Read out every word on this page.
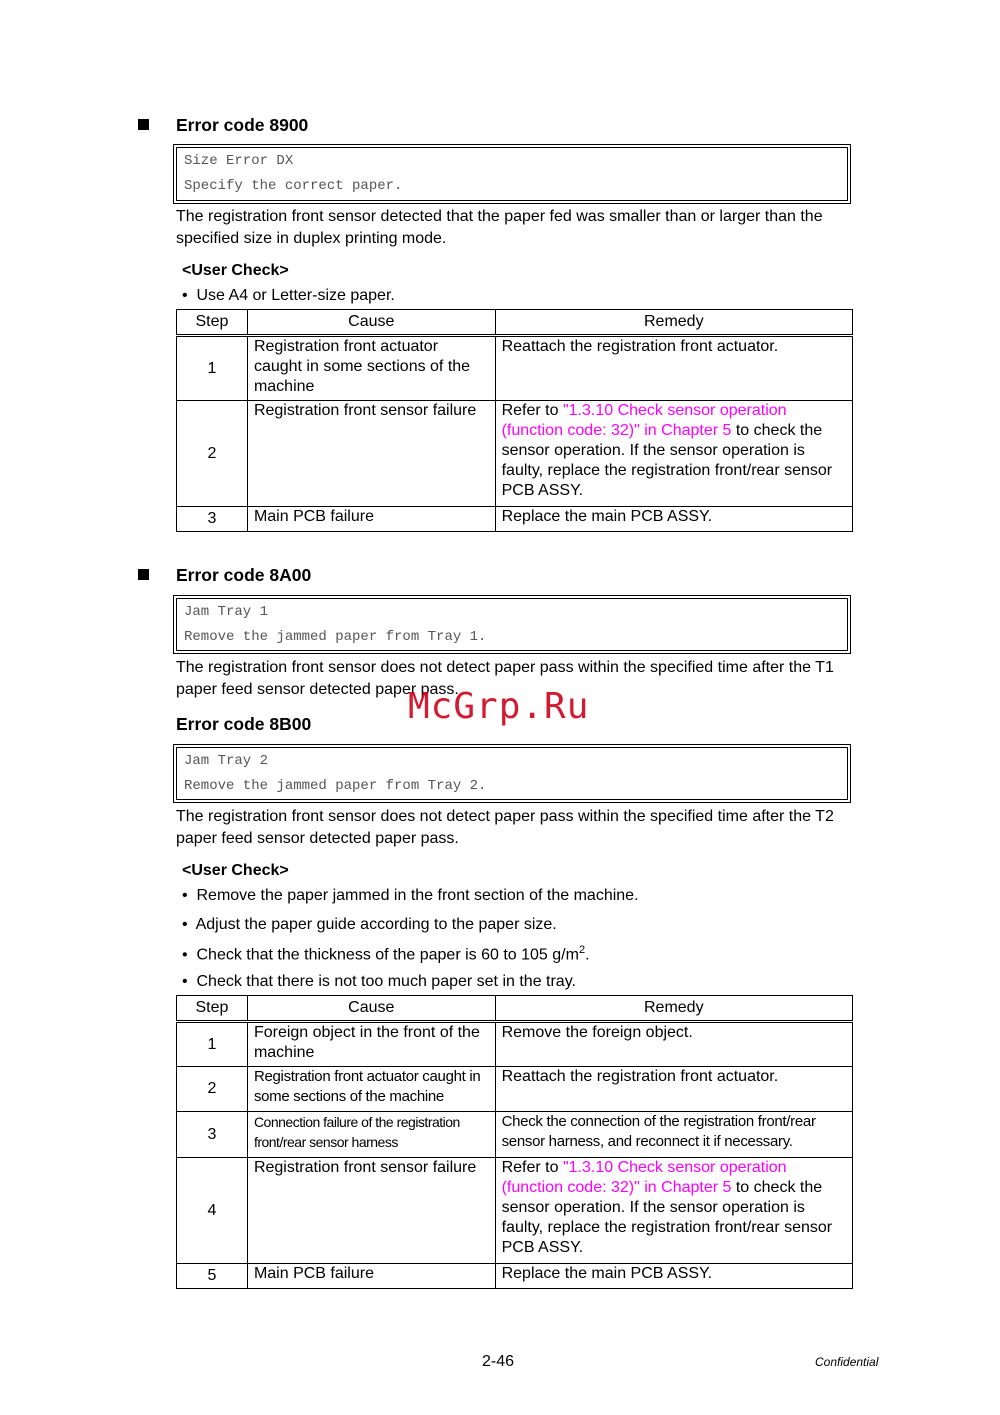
Error code 8900
Size Error DX
Specify the correct paper.
The registration front sensor detected that the paper fed was smaller than or larger than the specified size in duplex printing mode.
<User Check>
•  Use A4 or Letter-size paper.
Step	Cause	Remedy
1	Registration front actuator caught in some sections of the machine	Reattach the registration front actuator.
2	Registration front sensor failure	Refer to "1.3.10 Check sensor operation (function code: 32)" in Chapter 5 to check the sensor operation. If the sensor operation is faulty, replace the registration front/rear sensor PCB ASSY.
3	Main PCB failure	Replace the main PCB ASSY.
Error code 8A00
Jam Tray 1
Remove the jammed paper from Tray 1.
The registration front sensor does not detect paper pass within the specified time after the T1 paper feed sensor detected paper pass.
Error code 8B00
Jam Tray 2
Remove the jammed paper from Tray 2.
The registration front sensor does not detect paper pass within the specified time after the T2 paper feed sensor detected paper pass.
<User Check>
•  Remove the paper jammed in the front section of the machine.
•  Adjust the paper guide according to the paper size.
•  Check that the thickness of the paper is 60 to 105 $g/m^2$.
•  Check that there is not too much paper set in the tray.
Step	Cause	Remedy
1	Foreign object in the front of the machine	Remove the foreign object.
2	Registration front actuator caught in some sections of the machine	Reattach the registration front actuator.
3	Connection failure of the registration front/rear sensor harness	Check the connection of the registration front/rear sensor harness, and reconnect it if necessary.
4	Registration front sensor failure	Refer to "1.3.10 Check sensor operation (function code: 32)" in Chapter 5 to check the sensor operation. If the sensor operation is faulty, replace the registration front/rear sensor PCB ASSY.
5	Main PCB failure	Replace the main PCB ASSY.
McGrp.Ru
2-46	Confidential
